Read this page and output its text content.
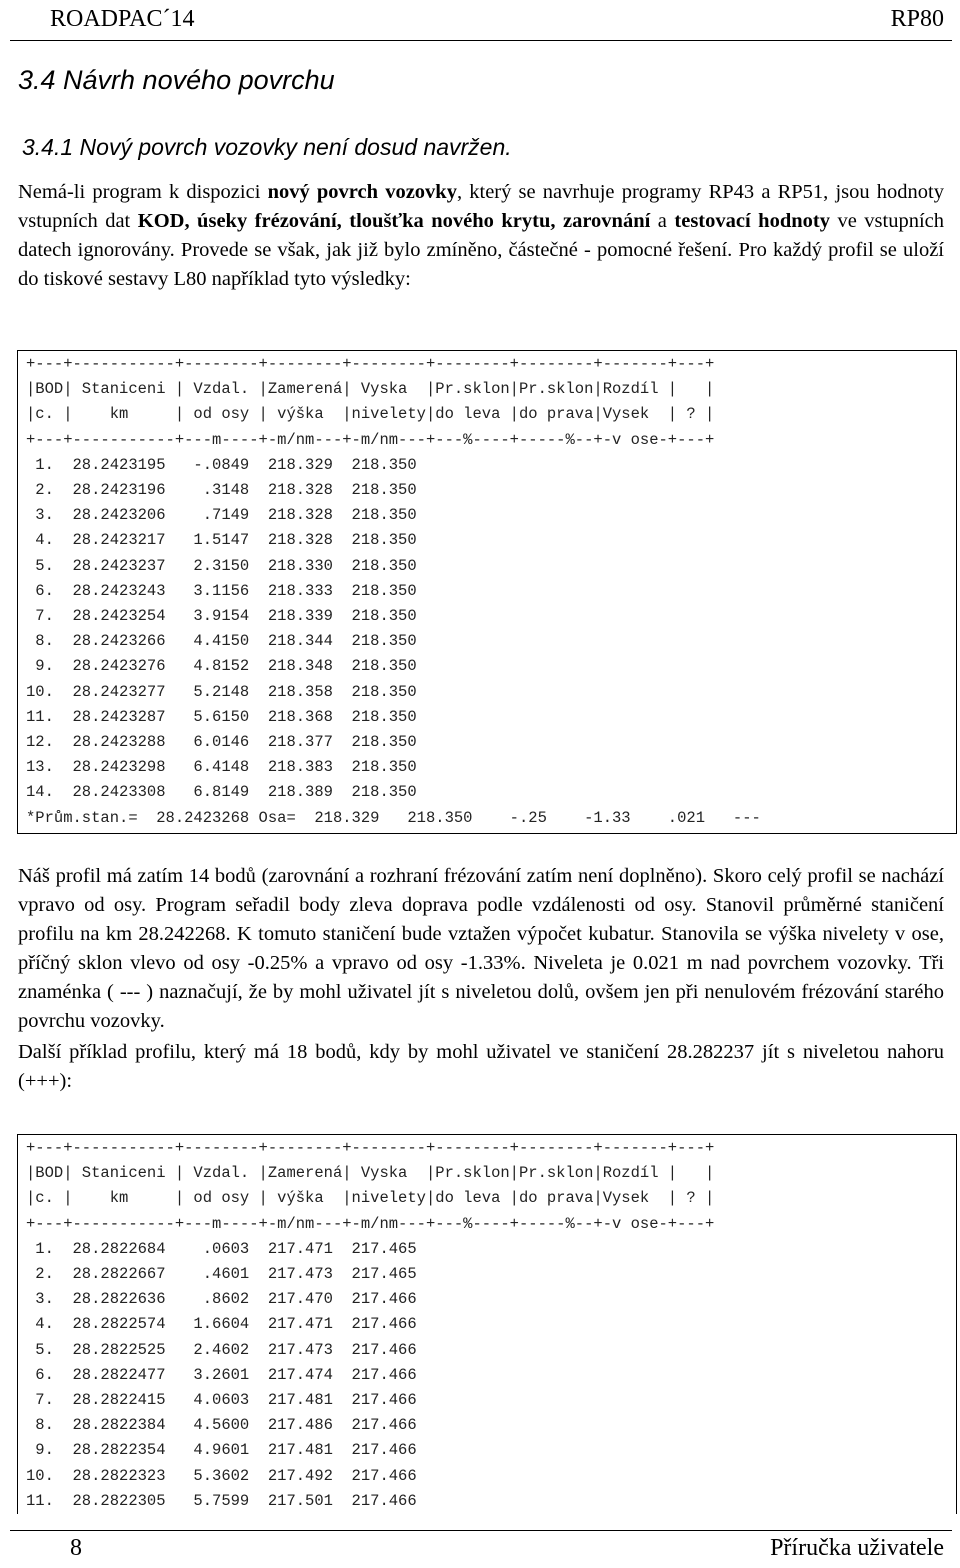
ROADPAC´14	RP80
3.4 Návrh nového povrchu
3.4.1 Nový povrch vozovky není dosud navržen.

Nemá-li program k dispozici nový povrch vozovky, který se navrhuje programy RP43 a RP51, jsou hodnoty vstupních dat KOD, úseky frézování, tloušťka nového krytu, zarovnání a testovací hodnoty ve vstupních datech ignorovány. Provede se však, jak již bylo zmíněno, částečné - pomocné řešení. Pro každý profil se uloží do tiskové sestavy L80 například tyto výsledky:

+---+-----------+--------+--------+--------+--------+--------+-------+---+
|BOD| Staniceni | Vzdal. |Zamerená| Vyska  |Pr.sklon|Pr.sklon|Rozdíl |   |
|c. |    km     | od osy | výška  |nivelety|do leva |do prava|Vysek  | ? |
+---+-----------+---m----+-m/nm---+-m/nm---+---%----+-----%--+-v ose-+---+
1.  28.2423195   -.0849  218.329  218.350
2.  28.2423196    .3148  218.328  218.350
3.  28.2423206    .7149  218.328  218.350
4.  28.2423217   1.5147  218.328  218.350
5.  28.2423237   2.3150  218.330  218.350
6.  28.2423243   3.1156  218.333  218.350
7.  28.2423254   3.9154  218.339  218.350
8.  28.2423266   4.4150  218.344  218.350
9.  28.2423276   4.8152  218.348  218.350
10.  28.2423277   5.2148  218.358  218.350
11.  28.2423287   5.6150  218.368  218.350
12.  28.2423288   6.0146  218.377  218.350
13.  28.2423298   6.4148  218.383  218.350
14.  28.2423308   6.8149  218.389  218.350
*Prům.stan.=  28.2423268 Osa=  218.329   218.350    -.25    -1.33    .021   ---

Náš profil má zatím 14 bodů (zarovnání a rozhraní frézování zatím není doplněno). Skoro celý profil se nachází vpravo od osy. Program seřadil body zleva doprava podle vzdálenosti od osy. Stanovil průměrné staničení profilu na km 28.242268. K tomuto staničení bude vztažen výpočet kubatur. Stanovila se výška nivelety v ose, příčný sklon vlevo od osy -0.25% a vpravo od osy -1.33%. Niveleta je 0.021 m nad povrchem vozovky. Tři znaménka ( --- ) naznačují, že by mohl uživatel jít s niveletou dolů, ovšem jen při nenulovém frézování starého povrchu vozovky.

Další příklad profilu, který má 18 bodů, kdy by mohl uživatel ve staničení 28.282237 jít s niveletou nahoru (+++):

+---+-----------+--------+--------+--------+--------+--------+-------+---+
|BOD| Staniceni | Vzdal. |Zamerená| Vyska  |Pr.sklon|Pr.sklon|Rozdíl |   |
|c. |    km     | od osy | výška  |nivelety|do leva |do prava|Vysek  | ? |
+---+-----------+---m----+-m/nm---+-m/nm---+---%----+-----%--+-v ose-+---+
1.  28.2822684    .0603  217.471  217.465
2.  28.2822667    .4601  217.473  217.465
3.  28.2822636    .8602  217.470  217.466
4.  28.2822574   1.6604  217.471  217.466
5.  28.2822525   2.4602  217.473  217.466
6.  28.2822477   3.2601  217.474  217.466
7.  28.2822415   4.0603  217.481  217.466
8.  28.2822384   4.5600  217.486  217.466
9.  28.2822354   4.9601  217.481  217.466
10.  28.2822323   5.3602  217.492  217.466
11.  28.2822305   5.7599  217.501  217.466
8	Příručka uživatele
